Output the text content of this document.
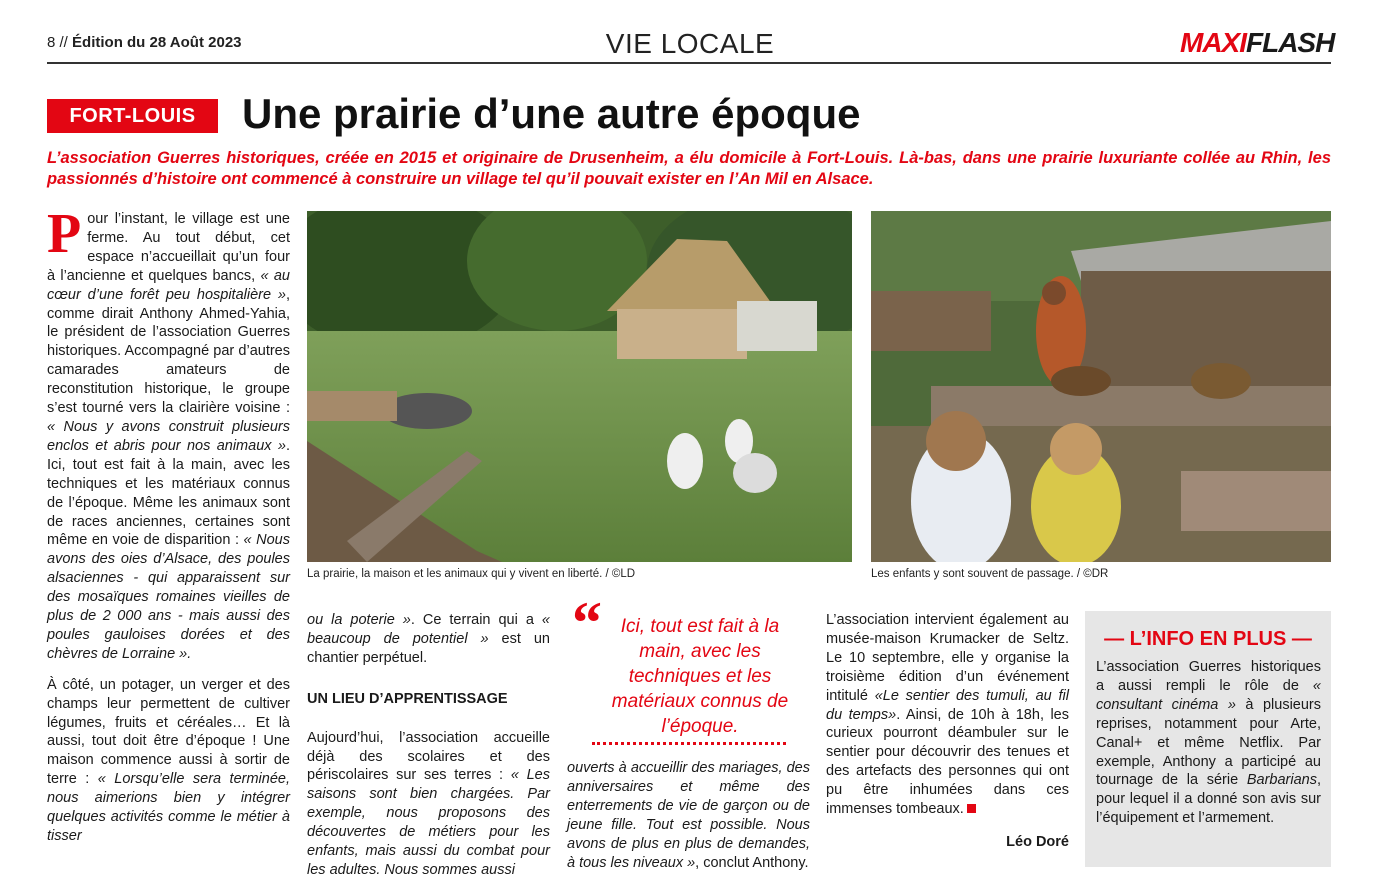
8 // Édition du 28 Août 2023	VIE LOCALE	MAXIFLASH
FORT-LOUIS	Une prairie d’une autre époque
L’association Guerres historiques, créée en 2015 et originaire de Drusenheim, a élu domicile à Fort-Louis. Là-bas, dans une prairie luxuriante collée au Rhin, les passionnés d’histoire ont commencé à construire un village tel qu’il pouvait exister en l’An Mil en Alsace.

Pour l’instant, le village est une ferme. Au tout début, cet espace n’accueillait qu’un four à l’ancienne et quelques bancs, « au cœur d’une forêt peu hospitalière », comme dirait Anthony Ahmed-Yahia, le président de l’association Guerres historiques. Accompagné par d’autres camarades amateurs de reconstitution historique, le groupe s’est tourné vers la clairière voisine : « Nous y avons construit plusieurs enclos et abris pour nos animaux ». Ici, tout est fait à la main, avec les techniques et les matériaux connus de l’époque. Même les animaux sont de races anciennes, certaines sont même en voie de disparition : « Nous avons des oies d’Alsace, des poules alsaciennes - qui apparaissent sur des mosaïques romaines vieilles de plus de 2 000 ans - mais aussi des poules gauloises dorées et des chèvres de Lorraine ».

À côté, un potager, un verger et des champs leur permettent de cultiver légumes, fruits et céréales… Et là aussi, tout doit être d’époque ! Une maison commence aussi à sortir de terre : « Lorsqu’elle sera terminée, nous aimerions bien y intégrer quelques activités comme le métier à tisser

La prairie, la maison et les animaux qui y vivent en liberté. / ©LD	Les enfants y sont souvent de passage. / ©DR

ou la poterie ». Ce terrain qui a « beaucoup de potentiel » est un chantier perpétuel.

UN LIEU D’APPRENTISSAGE

Aujourd’hui, l’association accueille déjà des scolaires et des périscolaires sur ses terres : « Les saisons sont bien chargées. Par exemple, nous proposons des découvertes de métiers pour les enfants, mais aussi du combat pour les adultes. Nous sommes aussi

“ Ici, tout est fait à la main, avec les techniques et les matériaux connus de l’époque.
ouverts à accueillir des mariages, des anniversaires et même des enterrements de vie de garçon ou de jeune fille. Tout est possible. Nous avons de plus en plus de demandes, à tous les niveaux », conclut Anthony.
L’association intervient également au musée-maison Krumacker de Seltz. Le 10 septembre, elle y organise la troisième édition d’un événement intitulé «Le sentier des tumuli, au fil du temps». Ainsi, de 10h à 18h, les curieux pourront déambuler sur le sentier pour découvrir des tenues et des artefacts des personnes qui ont pu être inhumées dans ces immenses tombeaux.
Léo Doré
— L’INFO EN PLUS —
L’association Guerres historiques a aussi rempli le rôle de « consultant cinéma » à plusieurs reprises, notamment pour Arte, Canal+ et même Netflix. Par exemple, Anthony a participé au tournage de la série Barbarians, pour lequel il a donné son avis sur l’équipement et l’armement.
